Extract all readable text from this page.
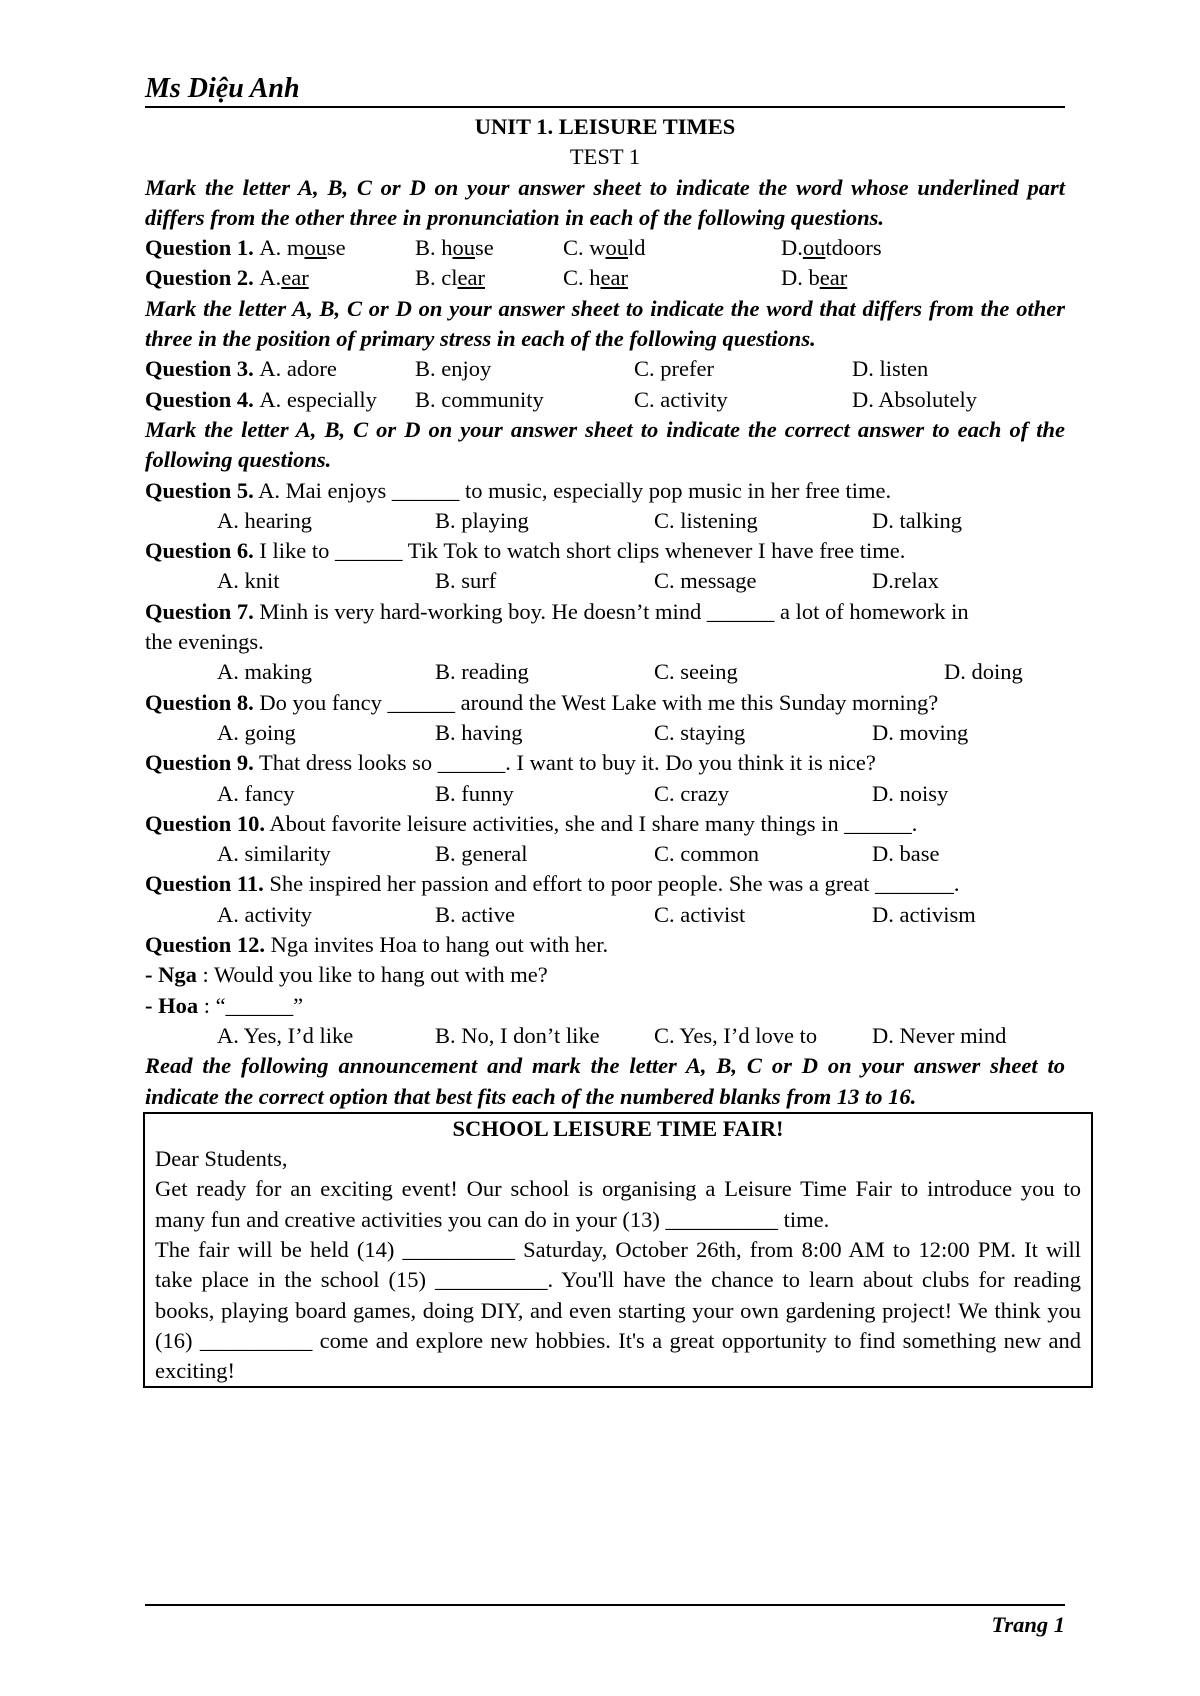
Ms Diệu Anh
UNIT 1. LEISURE TIMES
TEST 1
Mark the letter A, B, C or D on your answer sheet to indicate the word whose underlined part differs from the other three in pronunciation in each of the following questions.
Question 1. A. mouse	B. house	C. would	D.outdoors
Question 2. A.ear	B. clear	C. hear	D. bear
Mark the letter A, B, C or D on your answer sheet to indicate the word that differs from the other three in the position of primary stress in each of the following questions.
Question 3. A. adore	B. enjoy	C. prefer	D. listen
Question 4. A. especially	B. community	C. activity	D. Absolutely
Mark the letter A, B, C or D on your answer sheet to indicate the correct answer to each of the following questions.
Question 5. A. Mai enjoys ______ to music, especially pop music in her free time.
A. hearing	B. playing	C. listening	D. talking
Question 6. I like to ______ Tik Tok to watch short clips whenever I have free time.
A. knit	B. surf	C. message	D.relax
Question 7. Minh is very hard-working boy. He doesn’t mind ______ a lot of homework in the evenings.
A. making	B. reading	C. seeing	D. doing
Question 8. Do you fancy ______ around the West Lake with me this Sunday morning?
A. going	B. having	C. staying	D. moving
Question 9. That dress looks so ______. I want to buy it. Do you think it is nice?
A. fancy	B. funny	C. crazy	D. noisy
Question 10. About favorite leisure activities, she and I share many things in ______.
A. similarity	B. general	C. common	D. base
Question 11. She inspired her passion and effort to poor people. She was a great _______.
A. activity	B. active	C. activist	D. activism
Question 12. Nga invites Hoa to hang out with her.
- Nga : Would you like to hang out with me?
- Hoa : “______”
A. Yes, I’d like	B. No, I don’t like	C. Yes, I’d love to	D. Never mind
Read the following announcement and mark the letter A, B, C or D on your answer sheet to indicate the correct option that best fits each of the numbered blanks from 13 to 16.
SCHOOL LEISURE TIME FAIR!

Dear Students,

Get ready for an exciting event! Our school is organising a Leisure Time Fair to introduce you to many fun and creative activities you can do in your (13) __________ time.

The fair will be held (14) __________ Saturday, October 26th, from 8:00 AM to 12:00 PM. It will take place in the school (15) __________. You'll have the chance to learn about clubs for reading books, playing board games, doing DIY, and even starting your own gardening project! We think you (16) __________ come and explore new hobbies. It's a great opportunity to find something new and exciting!

Trang 1
